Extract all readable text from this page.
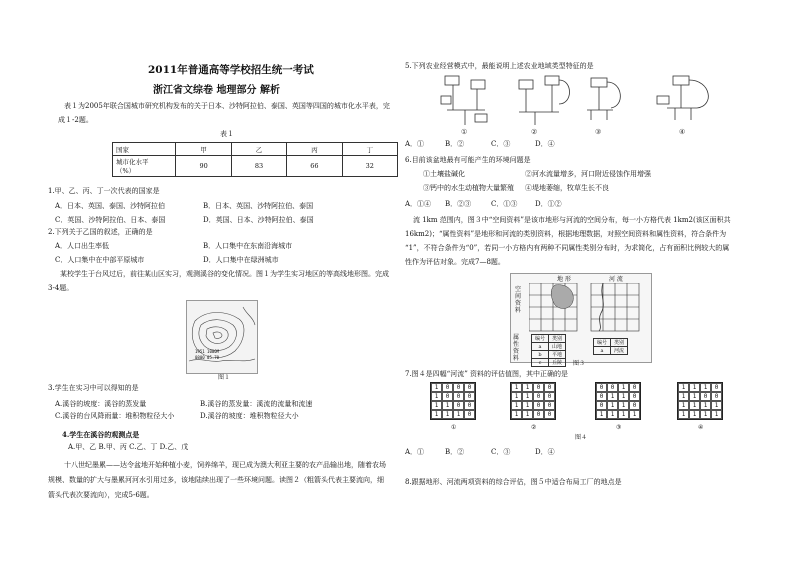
2011年普通高等学校招生统一考试
浙江省文综卷 地理部分 解析
表１为2005年联合国城市研究机构发布的关于日本、沙特阿拉伯、泰国、英国等四国的城市化水平表，完
成１-2题。
表１
国家	甲	乙	丙	丁

城市化水平
（%）	90	83	66	32
1.甲、乙、丙、丁一次代表的国家是
A．日本、英国、泰国、沙特阿拉伯	B．日本、英国、沙特阿拉伯、泰国
C．英国、沙特阿拉伯、日本、泰国	D．英国、日本、沙特阿拉伯、泰国
2.下列关于乙国的叙述，正确的是
A．人口出生率低	B．人口集中在东南沿海城市
C．人口集中在中部平原城市	D．人口集中在绿洲城市
某校学生于台风过后，前往某山区实习，观测溪谷的变化情况。图１为学生实习地区的等高线地形图。完成
3-4题。
1951 1000M
0800 05.70
图１
3.学生在实习中可以得知的是
A.溪谷的坡度：溪谷的蒸发量	B.溪谷的蒸发量：溪流的流量和流速
C.溪谷的台风降雨量：堆积物粒径大小	D.溪谷的坡度：堆积物粒径大小
4.学生在溪谷的观测点是
A.甲、乙 B.甲、丙 C.乙、丁 D.乙、戊
十八世纪墨累——达令盆地开始种植小麦，饲养绵羊，现已成为澳大利亚主要的农产品输出地，随着农场
规模、数量的扩大与墨累河河水引用过多，该地陆续出现了一些环境问题。读图２（粗箭头代表主要流向，细
箭头代表次要流向），完成5-6题。
5.下列农业经营模式中，最能说明上述农业地域类型特征的是
①	②	③	④
A．①	B．②	C．③	D．④
6.目前该盆地最有可能产生的环境问题是
①土壤盐碱化	②河水流量增多，河口附近侵蚀作用增强
③钙中的水生动植物大量繁殖 ④堤地萎缩，牧草生长不良
A．①④ B．②③	C．①③	D．①②
流 1km 范围内，图３中“空间资料”是该市地形与河流的空间分布，每一小方格代表 1km2(该区面积共
16km2)；“属性资料”是地形和河流的类别资料，根据地理数据，对照空间资料和属性资料，符合条件为
“1”，不符合条件为“0”，若同一小方格内有两种不同属性类别分布时，为求简化，占有面积比例较大的属
性作为评估对象。完成7—8题。
地 形	河 流
空间资料
属性资料
编号	类别
a	山地
b	平地
c	丘陵
编号	类别
a	河流
图３
7.图４是四幅“河流” 资料的评估值图，其中正确的是
1	0	0	0
1	0	0	0
1	1	0	0
1	1	1	0
1	1	0	0
1	1	0	0
1	1	0	0
1	1	0	0
0	0	1	0
0	1	1	0
0	1	1	0
1	1	1	1
1	1	1	0
1	1	0	0
1	1	1	1
1	1	1	1
①	②	③	④
图４
A．①	B．②	C．③	D．④
8.跟据地形、河流两项资料的综合评估，图５中适合布局工厂的地点是
